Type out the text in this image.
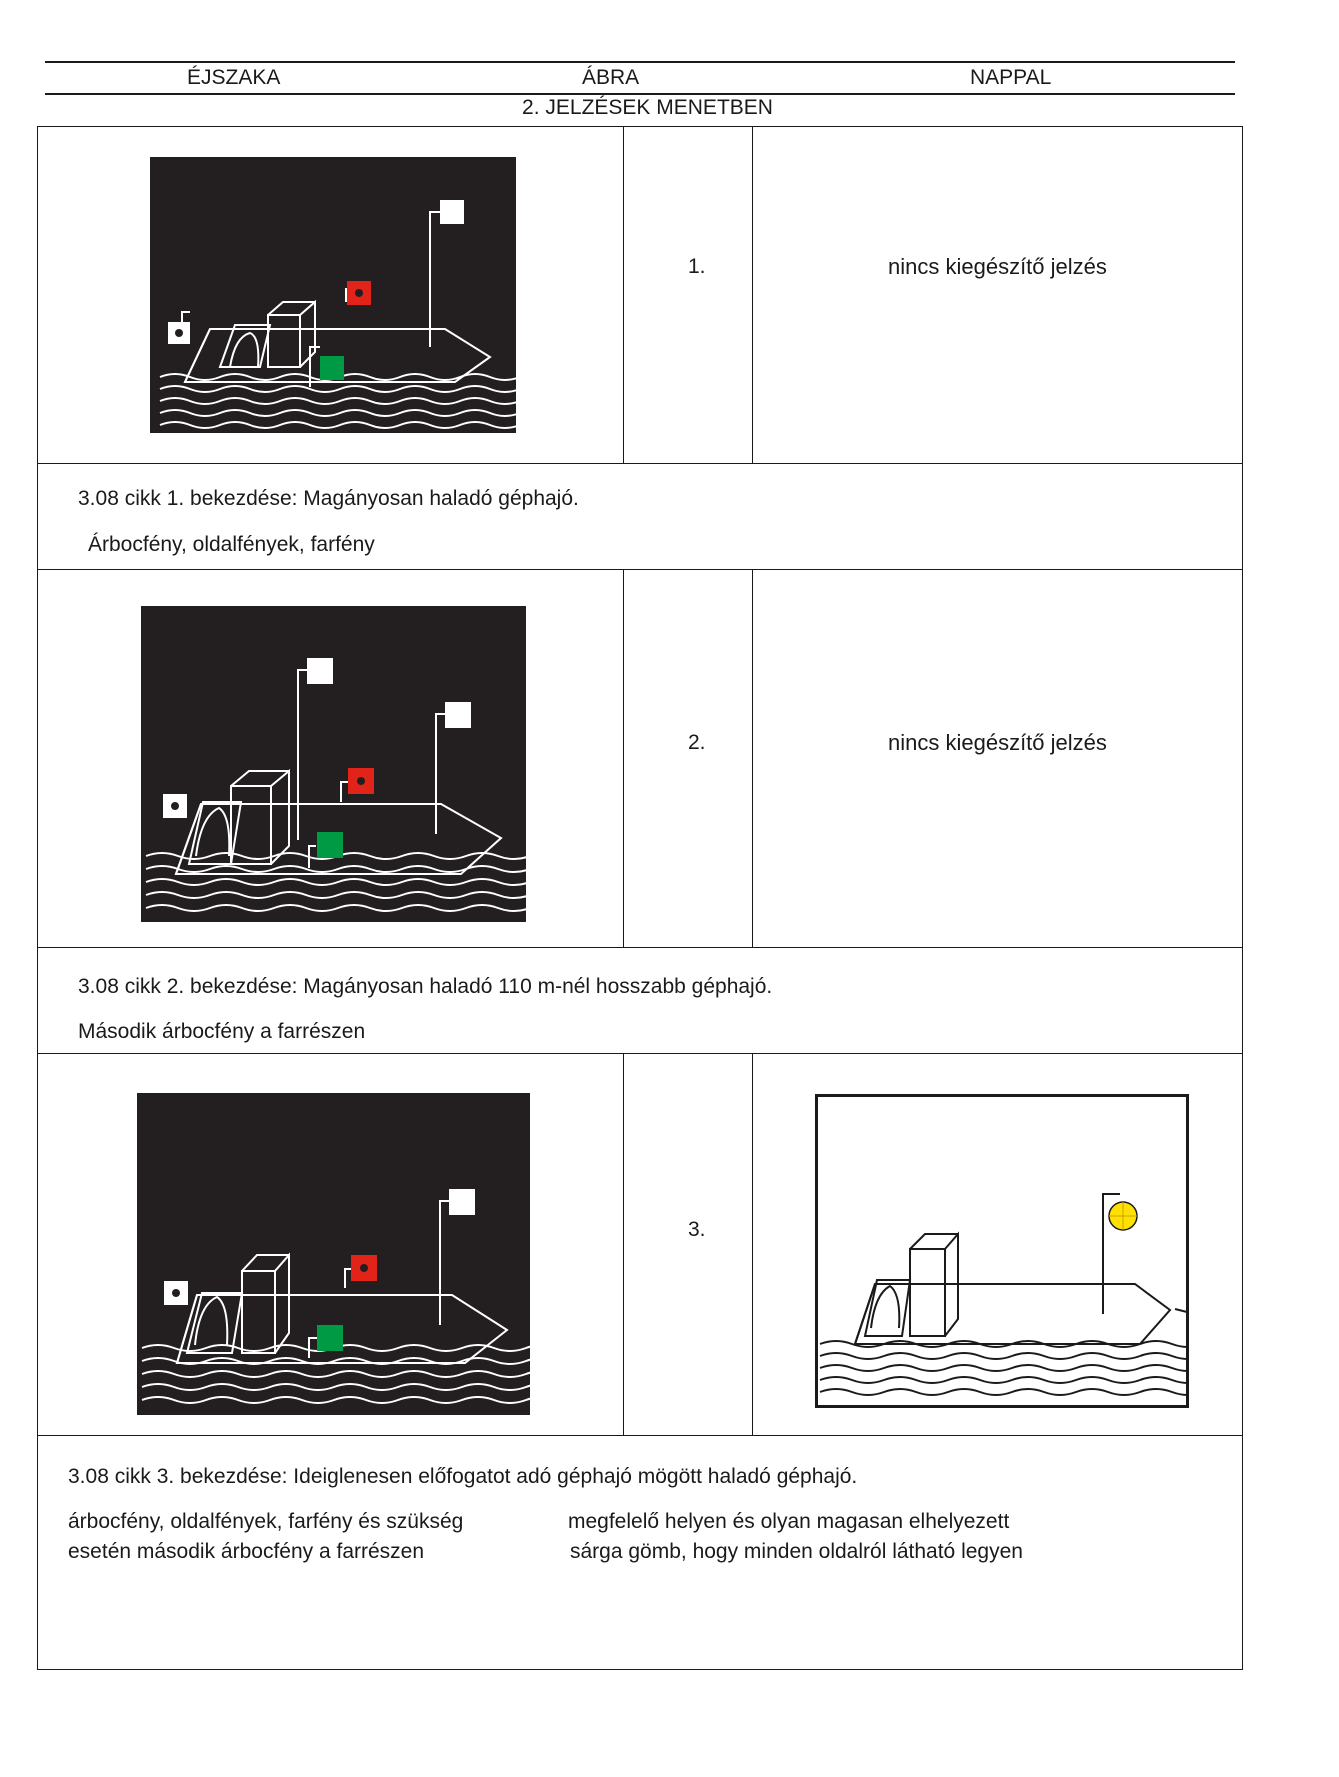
ÉJSZAKA	ÁBRA	NAPPAL
2. JELZÉSEK MENETBEN
1.	nincs kiegészítő jelzés
3.08 cikk 1. bekezdése: Magányosan haladó géphajó.
Árbocfény, oldalfények, farfény
2.	nincs kiegészítő jelzés
3.08 cikk 2. bekezdése: Magányosan haladó 110 m-nél hosszabb géphajó.
Második árbocfény a farrészen
3.
3.08 cikk 3. bekezdése: Ideiglenesen előfogatot adó géphajó mögött haladó géphajó.
árbocfény, oldalfények, farfény és szükség
esetén második árbocfény a farrészen
megfelelő helyen és olyan magasan elhelyezett
sárga gömb, hogy minden oldalról látható legyen
